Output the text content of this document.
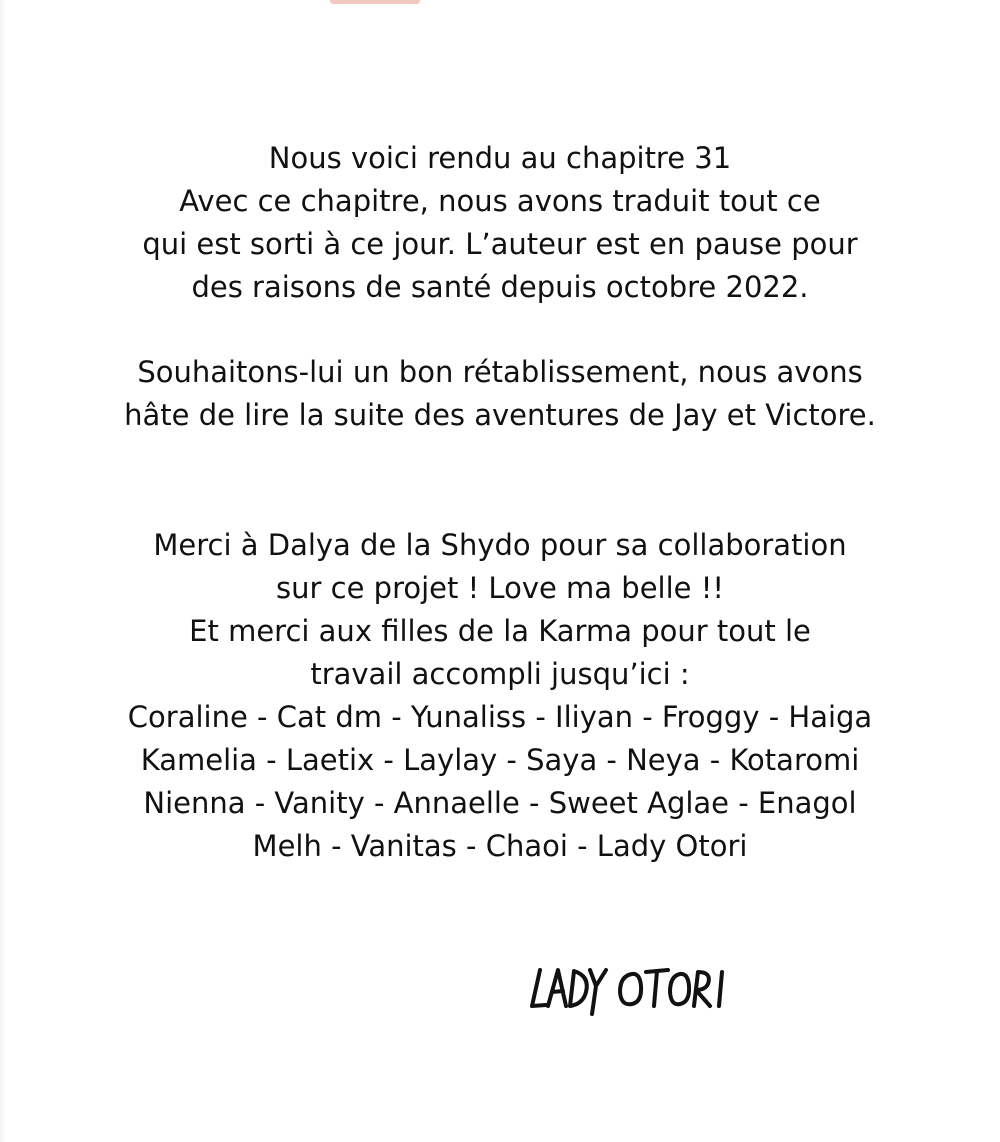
Nous voici rendu au chapitre 31

Avec ce chapitre, nous avons traduit tout ce

qui est sorti à ce jour. L’auteur est en pause pour

des raisons de santé depuis octobre 2022.

Souhaitons-lui un bon rétablissement, nous avons

hâte de lire la suite des aventures de Jay et Victore.

Merci à Dalya de la Shydo pour sa collaboration

sur ce projet ! Love ma belle !!

Et merci aux filles de la Karma pour tout le

travail accompli jusqu’ici :

Coraline - Cat dm - Yunaliss - Iliyan - Froggy - Haiga

Kamelia - Laetix - Laylay - Saya - Neya - Kotaromi

Nienna - Vanity - Annaelle - Sweet Aglae - Enagol

Melh - Vanitas - Chaoi - Lady Otori
